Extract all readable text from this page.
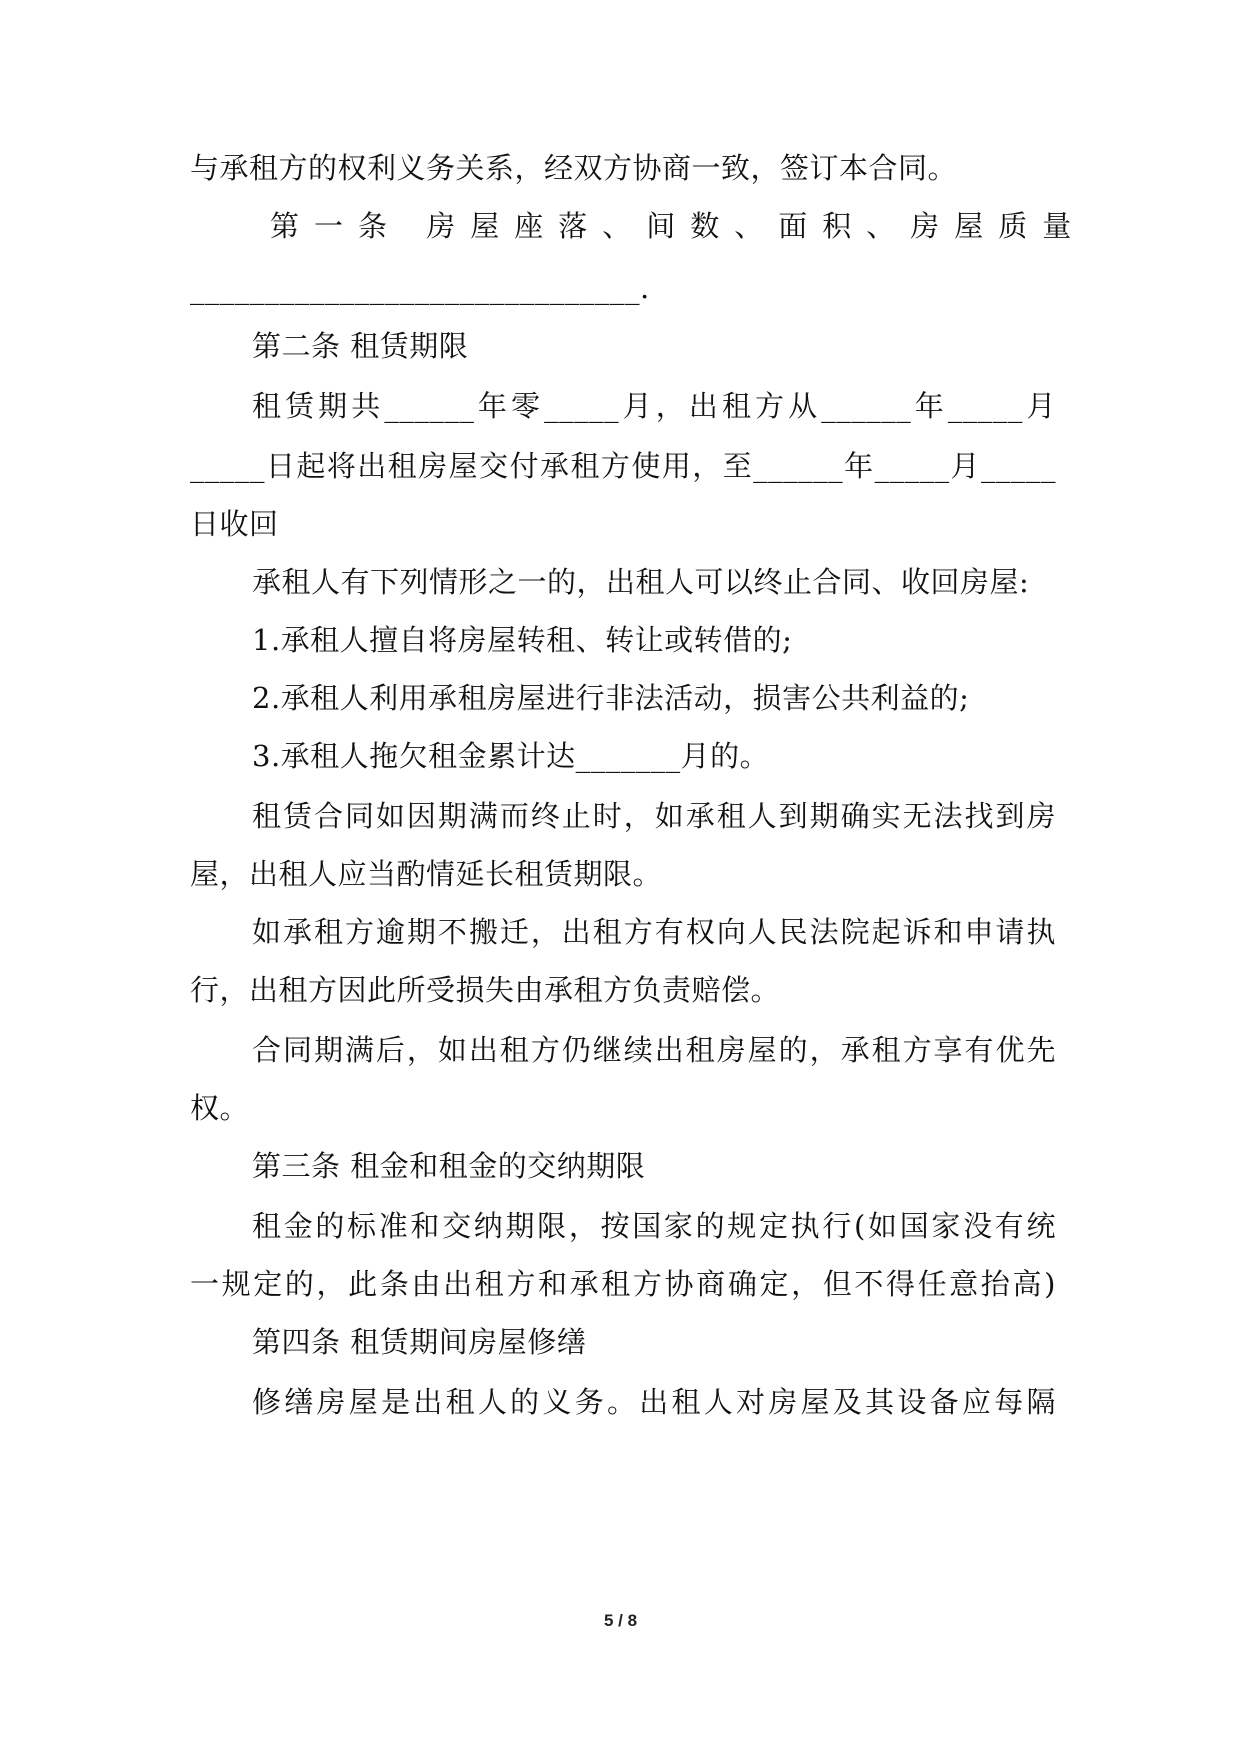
与承租方的权利义务关系，经双方协商一致，签订本合同。
第一条 房屋座落、间数、面积、房屋质量
______________________________.
第二条 租赁期限
租赁期共______年零_____月，出租方从______年_____月
_____日起将出租房屋交付承租方使用，至______年_____月_____
日收回
承租人有下列情形之一的，出租人可以终止合同、收回房屋:
1.承租人擅自将房屋转租、转让或转借的;
2.承租人利用承租房屋进行非法活动，损害公共利益的;
3.承租人拖欠租金累计达_______月的。
租赁合同如因期满而终止时，如承租人到期确实无法找到房
屋，出租人应当酌情延长租赁期限。
如承租方逾期不搬迁，出租方有权向人民法院起诉和申请执
行，出租方因此所受损失由承租方负责赔偿。
合同期满后，如出租方仍继续出租房屋的，承租方享有优先
权。
第三条 租金和租金的交纳期限
租金的标准和交纳期限，按国家的规定执行(如国家没有统
一规定的，此条由出租方和承租方协商确定，但不得任意抬高)
第四条 租赁期间房屋修缮
修缮房屋是出租人的义务。出租人对房屋及其设备应每隔
5 / 8
